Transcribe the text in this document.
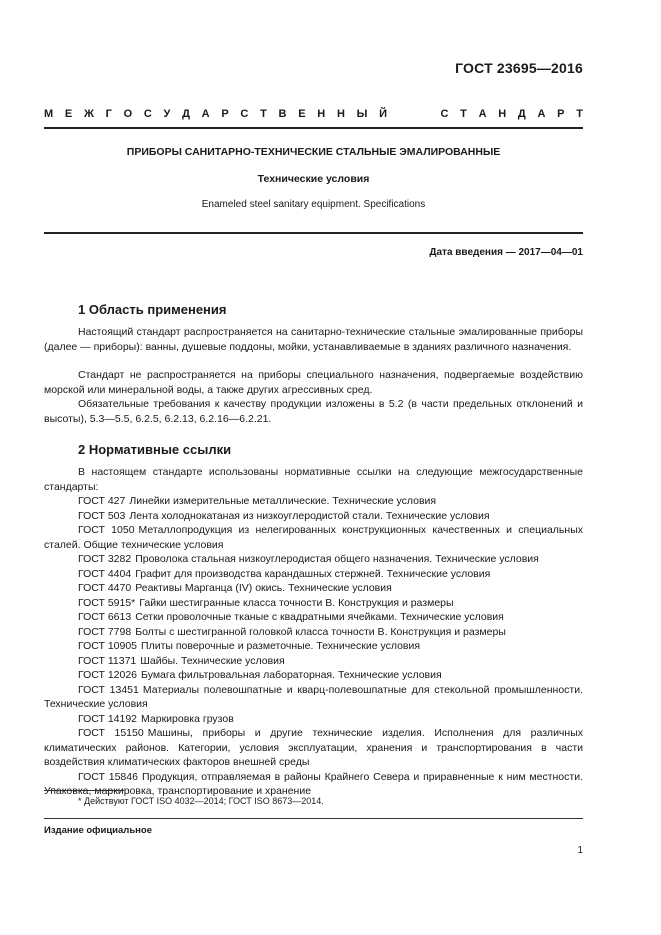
ГОСТ 23695—2016
М Е Ж Г О С У Д А Р С Т В Е Н Н Ы Й	С Т А Н Д А Р Т
ПРИБОРЫ САНИТАРНО-ТЕХНИЧЕСКИЕ СТАЛЬНЫЕ ЭМАЛИРОВАННЫЕ
Технические условия
Enameled steel sanitary equipment. Specifications
Дата введения — 2017—04—01
1 Область применения
Настоящий стандарт распространяется на санитарно-технические стальные эмалированные приборы (далее — приборы): ванны, душевые поддоны, мойки, устанавливаемые в зданиях различного назначения.
Стандарт не распространяется на приборы специального назначения, подвергаемые воздействию морской или минеральной воды, а также других агрессивных сред.
Обязательные требования к качеству продукции изложены в 5.2 (в части предельных отклонений и высоты), 5.3—5.5, 6.2.5, 6.2.13, 6.2.16—6.2.21.
2 Нормативные ссылки
В настоящем стандарте использованы нормативные ссылки на следующие межгосударственные стандарты:
ГОСТ 427 Линейки измерительные металлические. Технические условия
ГОСТ 503 Лента холоднокатаная из низкоуглеродистой стали. Технические условия
ГОСТ 1050 Металлопродукция из нелегированных конструкционных качественных и специальных сталей. Общие технические условия
ГОСТ 3282 Проволока стальная низкоуглеродистая общего назначения. Технические условия
ГОСТ 4404 Графит для производства карандашных стержней. Технические условия
ГОСТ 4470 Реактивы Марганца (IV) окись. Технические условия
ГОСТ 5915* Гайки шестигранные класса точности В. Конструкция и размеры
ГОСТ 6613 Сетки проволочные тканые с квадратными ячейками. Технические условия
ГОСТ 7798 Болты с шестигранной головкой класса точности В. Конструкция и размеры
ГОСТ 10905 Плиты поверочные и разметочные. Технические условия
ГОСТ 11371 Шайбы. Технические условия
ГОСТ 12026 Бумага фильтровальная лабораторная. Технические условия
ГОСТ 13451 Материалы полевошпатные и кварц-полевошпатные для стекольной промышленности. Технические условия
ГОСТ 14192 Маркировка грузов
ГОСТ 15150 Машины, приборы и другие технические изделия. Исполнения для различных климатических районов. Категории, условия эксплуатации, хранения и транспортирования в части воздействия климатических факторов внешней среды
ГОСТ 15846 Продукция, отправляемая в районы Крайнего Севера и приравненные к ним местности. Упаковка, маркировка, транспортирование и хранение
* Действуют ГОСТ ISO 4032—2014; ГОСТ ISO 8673—2014.
Издание официальное
1
